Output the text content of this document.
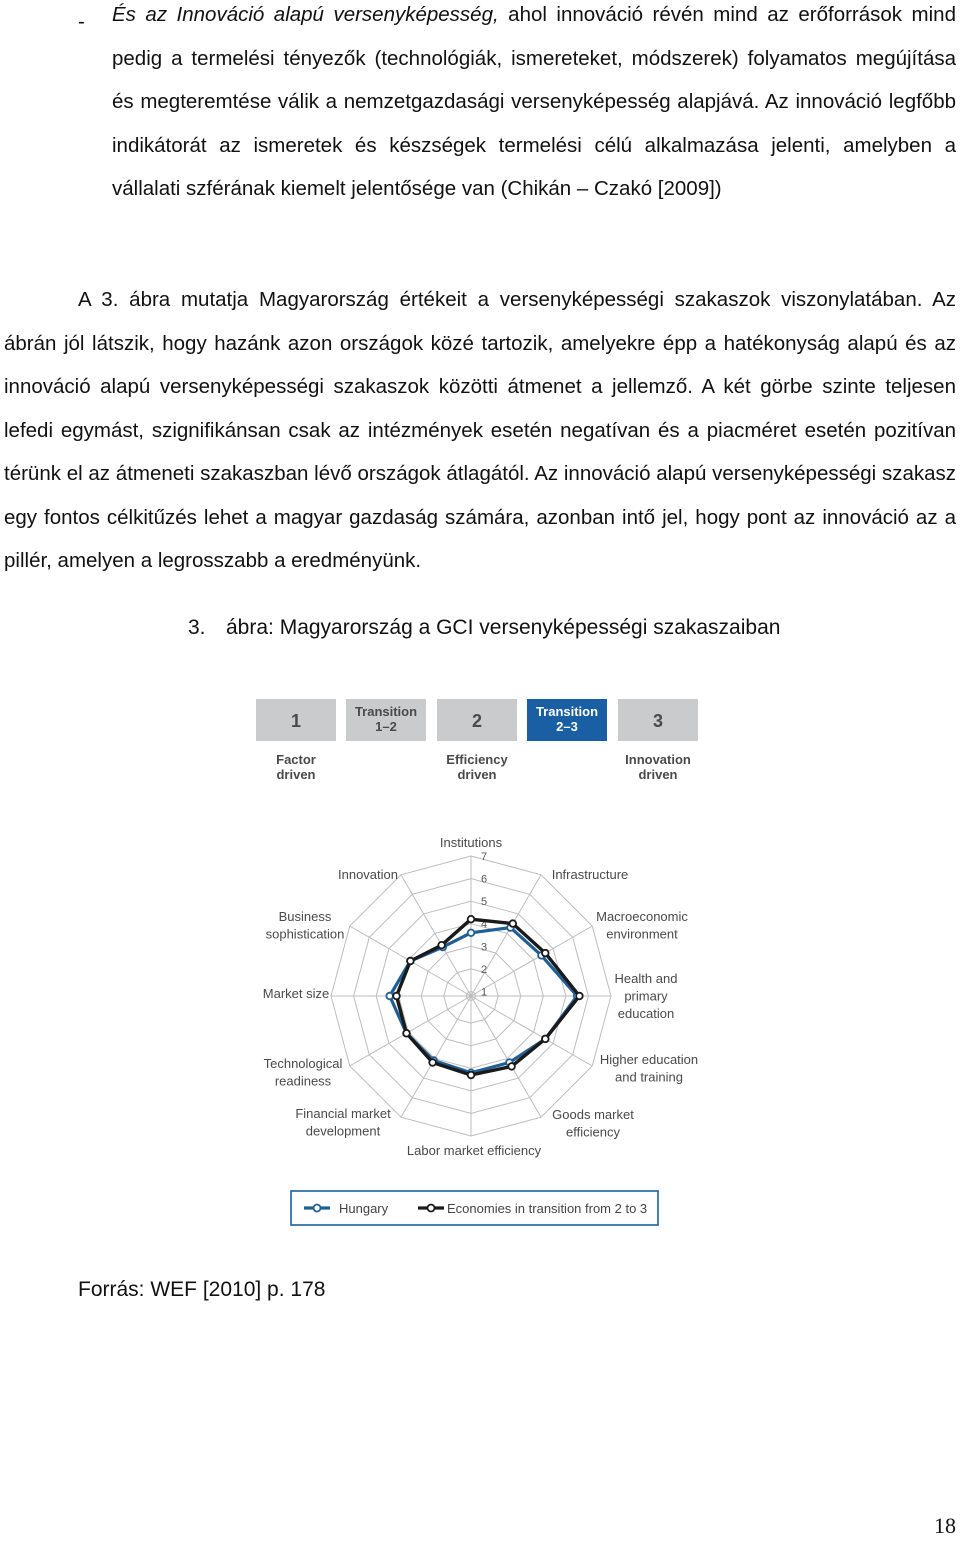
- És az Innováció alapú versenyképesség, ahol innováció révén mind az erőforrások mind pedig a termelési tényezők (technológiák, ismereteket, módszerek) folyamatos megújítása és megteremtése válik a nemzetgazdasági versenyképesség alapjává. Az innováció legfőbb indikátorát az ismeretek és készségek termelési célú alkalmazása jelenti, amelyben a vállalati szférának kiemelt jelentősége van (Chikán – Czakó [2009])
A 3. ábra mutatja Magyarország értékeit a versenyképességi szakaszok viszonylatában. Az ábrán jól látszik, hogy hazánk azon országok közé tartozik, amelyekre épp a hatékonyság alapú és az innováció alapú versenyképességi szakaszok közötti átmenet a jellemző. A két görbe szinte teljesen lefedi egymást, szignifikánsan csak az intézmények esetén negatívan és a piacméret esetén pozitívan térünk el az átmeneti szakaszban lévő országok átlagától. Az innováció alapú versenyképességi szakasz egy fontos célkitűzés lehet a magyar gazdaság számára, azonban intő jel, hogy pont az innováció az a pillér, amelyen a legrosszabb a eredményünk.
3. ábra: Magyarország a GCI versenyképességi szakaszaiban
1
Factor
driven
Transition
1–2	2
Efficiency
driven
Transition
2–3	3
Innovation
driven
1
2
3
4
5
6
7
Institutions
Infrastructure
Macroeconomic
environment
Health and
primary
education
Higher education
and training
Goods market
efficiency
Labor market efficiency
Financial market
development
Technological
readiness
Market size
Business
sophistication
Innovation
Hungary	Economies in transition from 2 to 3
Forrás: WEF [2010] p. 178
18
